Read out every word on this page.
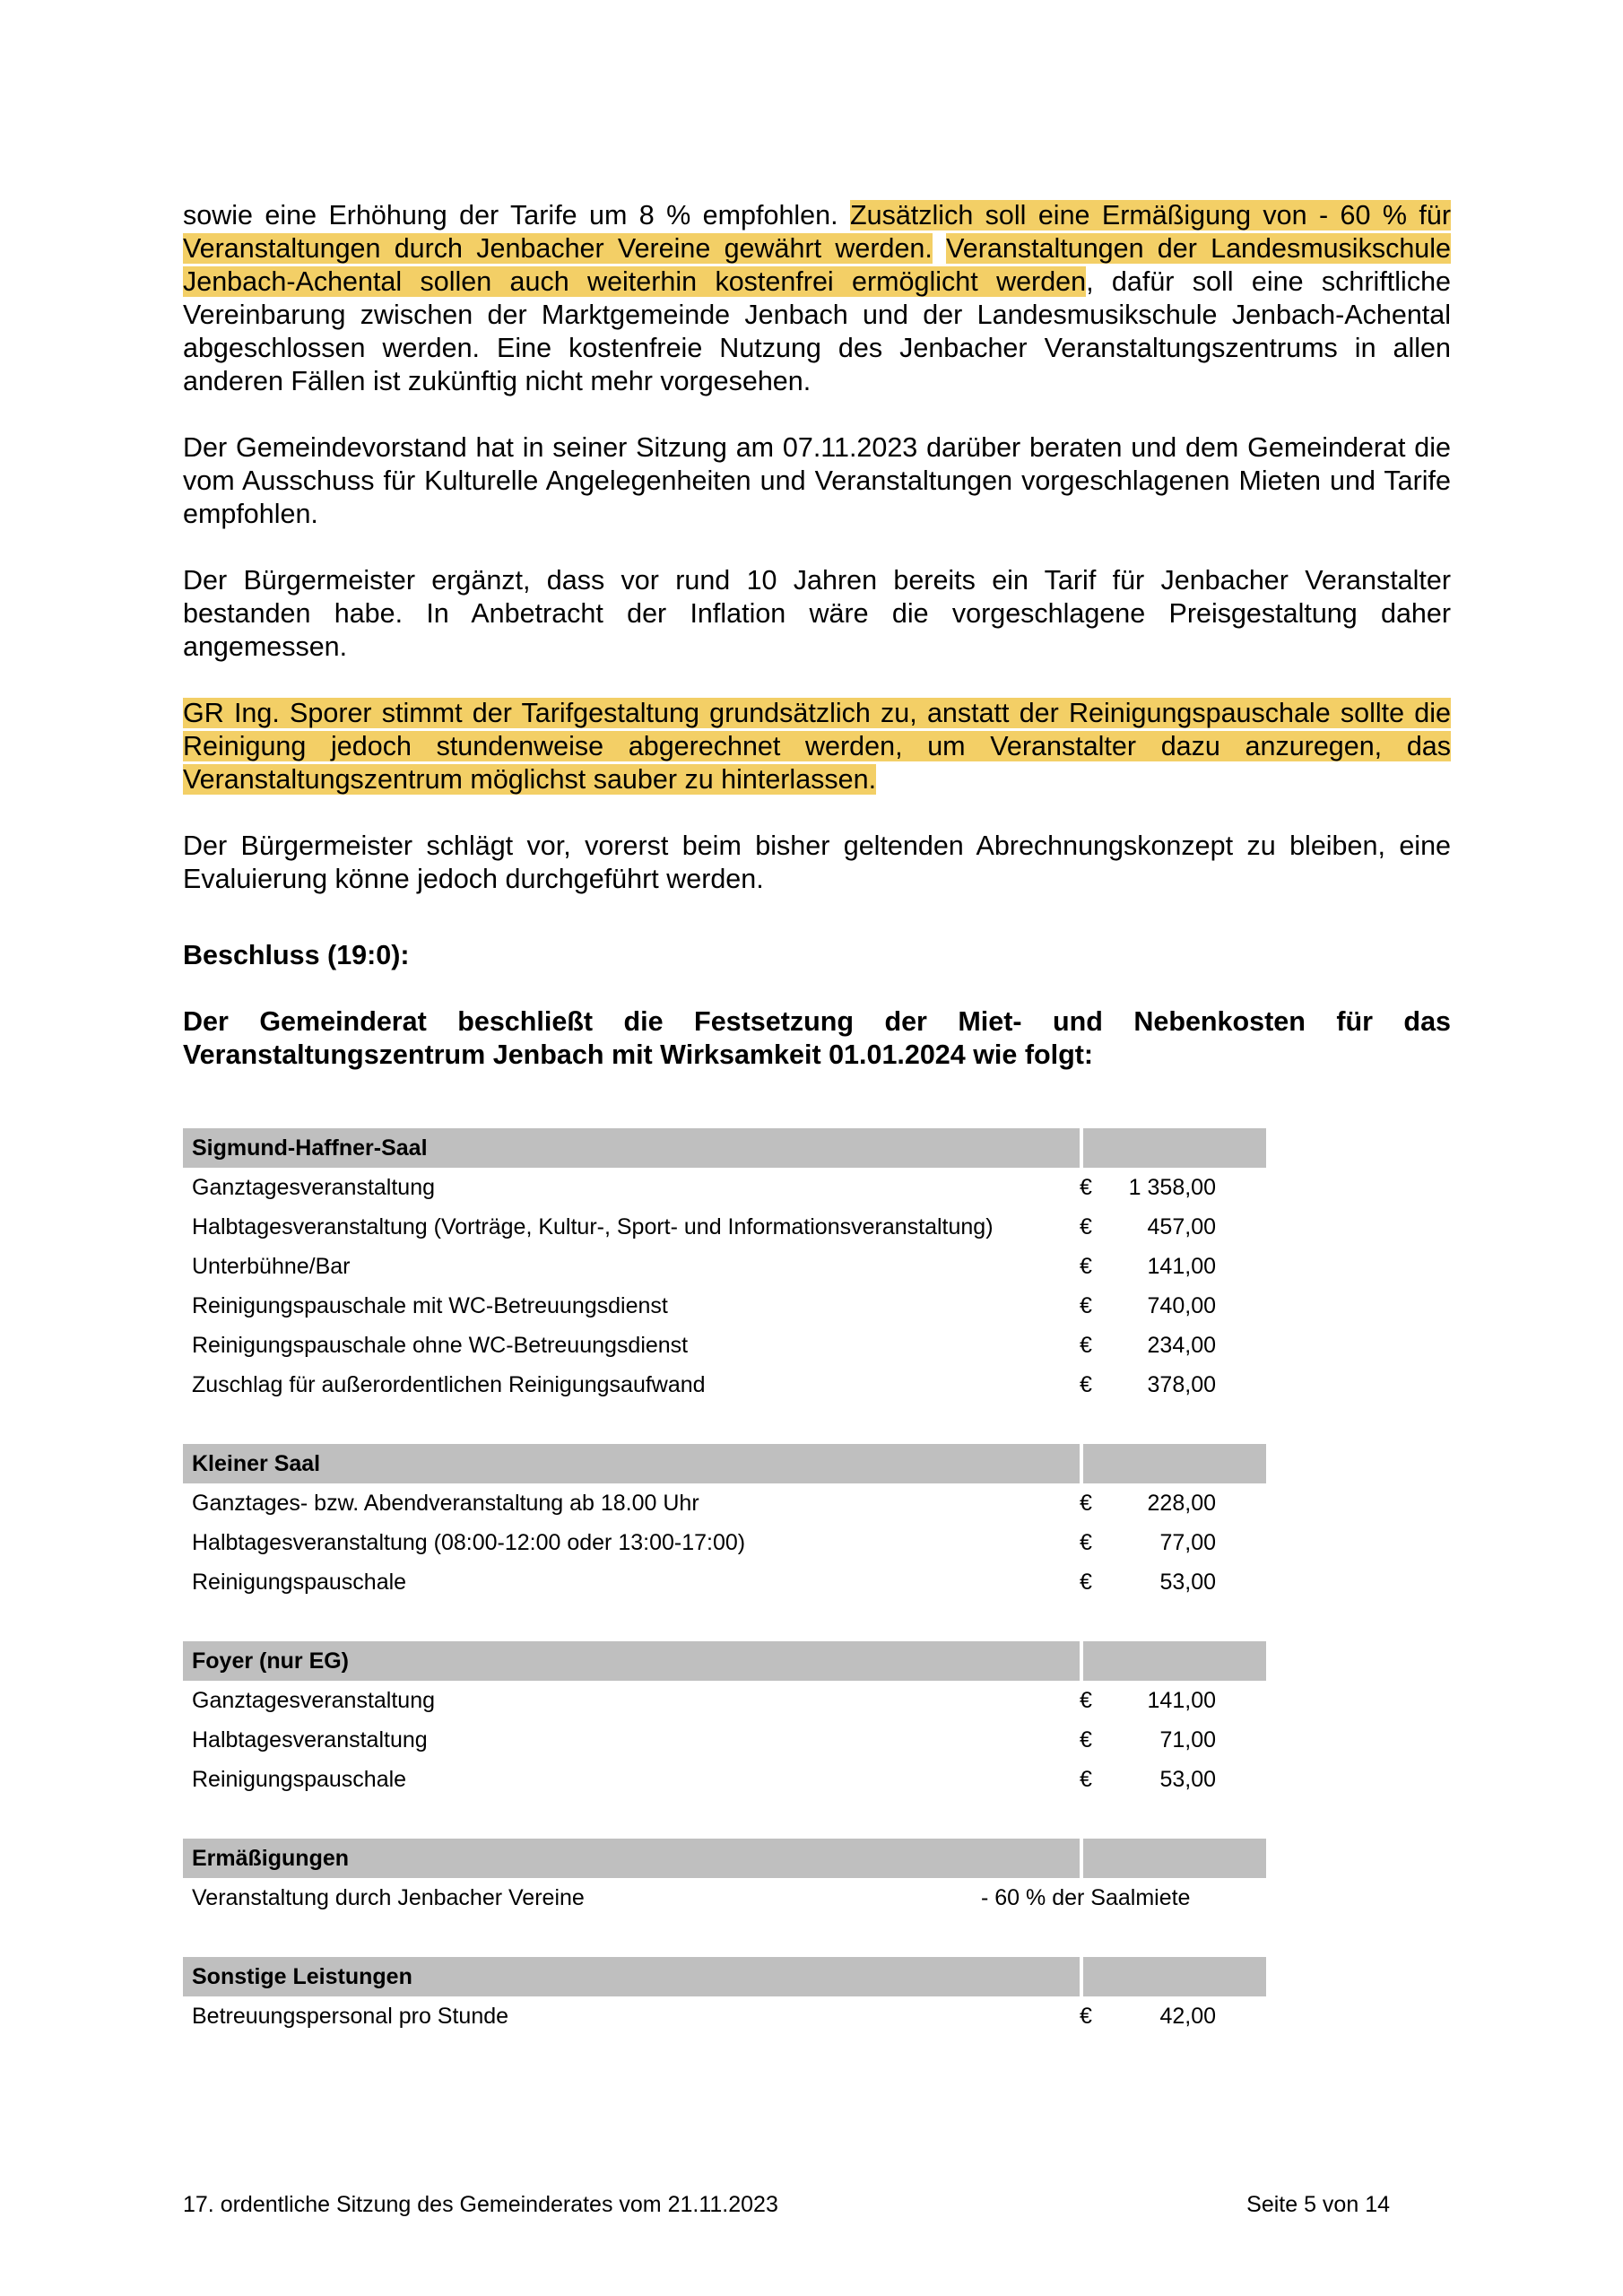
sowie eine Erhöhung der Tarife um 8 % empfohlen. Zusätzlich soll eine Ermäßigung von - 60 % für Veranstaltungen durch Jenbacher Vereine gewährt werden. Veranstaltungen der Landesmusikschule Jenbach-Achental sollen auch weiterhin kostenfrei ermöglicht werden, dafür soll eine schriftliche Vereinbarung zwischen der Marktgemeinde Jenbach und der Landesmusikschule Jenbach-Achental abgeschlossen werden. Eine kostenfreie Nutzung des Jenbacher Veranstaltungszentrums in allen anderen Fällen ist zukünftig nicht mehr vorgesehen.

Der Gemeindevorstand hat in seiner Sitzung am 07.11.2023 darüber beraten und dem Gemeinderat die vom Ausschuss für Kulturelle Angelegenheiten und Veranstaltungen vorgeschlagenen Mieten und Tarife empfohlen.

Der Bürgermeister ergänzt, dass vor rund 10 Jahren bereits ein Tarif für Jenbacher Veranstalter bestanden habe. In Anbetracht der Inflation wäre die vorgeschlagene Preisgestaltung daher angemessen.

GR Ing. Sporer stimmt der Tarifgestaltung grundsätzlich zu, anstatt der Reinigungspauschale sollte die Reinigung jedoch stundenweise abgerechnet werden, um Veranstalter dazu anzuregen, das Veranstaltungszentrum möglichst sauber zu hinterlassen.

Der Bürgermeister schlägt vor, vorerst beim bisher geltenden Abrechnungskonzept zu bleiben, eine Evaluierung könne jedoch durchgeführt werden.

Beschluss (19:0):

Der Gemeinderat beschließt die Festsetzung der Miet- und Nebenkosten für das Veranstaltungszentrum Jenbach mit Wirksamkeit 01.01.2024 wie folgt:

Sigmund-Haffner-Saal
Ganztagesveranstaltung	€	1 358,00
Halbtagesveranstaltung (Vorträge, Kultur-, Sport- und Informationsveranstaltung)	€	457,00
Unterbühne/Bar	€	141,00
Reinigungspauschale mit WC-Betreuungsdienst	€	740,00
Reinigungspauschale ohne WC-Betreuungsdienst	€	234,00
Zuschlag für außerordentlichen Reinigungsaufwand	€	378,00
Kleiner Saal
Ganztages- bzw. Abendveranstaltung ab 18.00 Uhr	€	228,00
Halbtagesveranstaltung (08:00-12:00 oder 13:00-17:00)	€	77,00
Reinigungspauschale	€	53,00
Foyer (nur EG)
Ganztagesveranstaltung	€	141,00
Halbtagesveranstaltung	€	71,00
Reinigungspauschale	€	53,00
Ermäßigungen
Veranstaltung durch Jenbacher Vereine	- 60 % der Saalmiete
Sonstige Leistungen
Betreuungspersonal pro Stunde	€	42,00
17. ordentliche Sitzung des Gemeinderates vom 21.11.2023	Seite 5 von 14
